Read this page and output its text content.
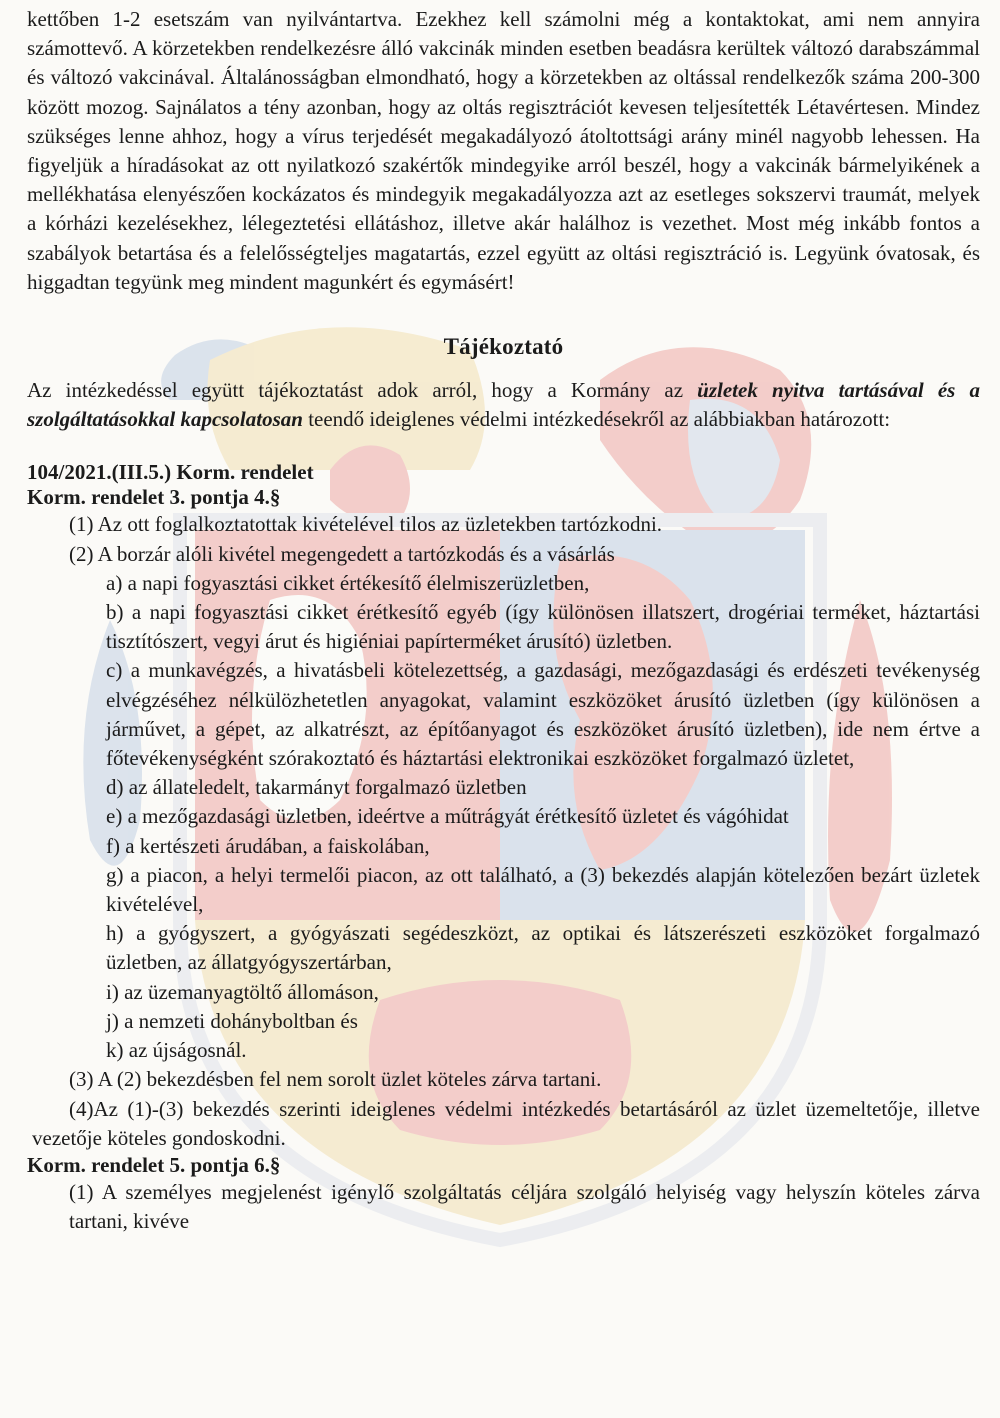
kettőben 1-2 esetszám van nyilvántartva. Ezekhez kell számolni még a kontaktokat, ami nem annyira számottevő. A körzetekben rendelkezésre álló vakcinák minden esetben beadásra kerültek változó darabszámmal és változó vakcinával. Általánosságban elmondható, hogy a körzetekben az oltással rendelkezők száma 200-300 között mozog. Sajnálatos a tény azonban, hogy az oltás regisztrációt kevesen teljesítették Létavértesen. Mindez szükséges lenne ahhoz, hogy a vírus terjedését megakadályozó átoltottsági arány minél nagyobb lehessen. Ha figyeljük a híradásokat az ott nyilatkozó szakértők mindegyike arról beszél, hogy a vakcinák bármelyikének a mellékhatása elenyészően kockázatos és mindegyik megakadályozza azt az esetleges sokszervi traumát, melyek a kórházi kezelésekhez, lélegeztetési ellátáshoz, illetve akár halálhoz is vezethet. Most még inkább fontos a szabályok betartása és a felelősségteljes magatartás, ezzel együtt az oltási regisztráció is. Legyünk óvatosak, és higgadtan tegyünk meg mindent magunkért és egymásért!

Tájékoztató

Az intézkedéssel együtt tájékoztatást adok arról, hogy a Kormány az üzletek nyitva tartásával és a szolgáltatásokkal kapcsolatosan teendő ideiglenes védelmi intézkedésekről az alábbiakban határozott:

104/2021.(III.5.) Korm. rendelet

Korm. rendelet 3. pontja 4.§

(1) Az ott foglalkoztatottak kivételével tilos az üzletekben tartózkodni.

(2) A borzár alóli kivétel megengedett a tartózkodás és a vásárlás

a) a napi fogyasztási cikket értékesítő élelmiszerüzletben,

b) a napi fogyasztási cikket érétkesítő egyéb (így különösen illatszert, drogériai terméket, háztartási tisztítószert, vegyi árut és higiéniai papírterméket árusító) üzletben.

c) a munkavégzés, a hivatásbeli kötelezettség, a gazdasági, mezőgazdasági és erdészeti tevékenység elvégzéséhez nélkülözhetetlen anyagokat, valamint eszközöket árusító üzletben (így különösen a járművet, a gépet, az alkatrészt, az építőanyagot és eszközöket árusító üzletben), ide nem értve a főtevékenységként szórakoztató és háztartási elektronikai eszközöket forgalmazó üzletet,

d) az állateledelt, takarmányt forgalmazó üzletben

e) a mezőgazdasági üzletben, ideértve a műtrágyát érétkesítő üzletet és vágóhidat

f) a kertészeti árudában, a faiskolában,

g) a piacon, a helyi termelői piacon, az ott található, a (3) bekezdés alapján kötelezően bezárt üzletek kivételével,

h) a gyógyszert, a gyógyászati segédeszközt, az optikai és látszerészeti eszközöket forgalmazó üzletben, az állatgyógyszertárban,

i) az üzemanyagtöltő állomáson,

j) a nemzeti dohányboltban és

k) az újságosnál.

(3) A (2) bekezdésben fel nem sorolt üzlet köteles zárva tartani.

(4)Az (1)-(3) bekezdés szerinti ideiglenes védelmi intézkedés betartásáról az üzlet üzemeltetője, illetve vezetője köteles gondoskodni.

Korm. rendelet 5. pontja 6.§

(1) A személyes megjelenést igénylő szolgáltatás céljára szolgáló helyiség vagy helyszín köteles zárva tartani, kivéve
